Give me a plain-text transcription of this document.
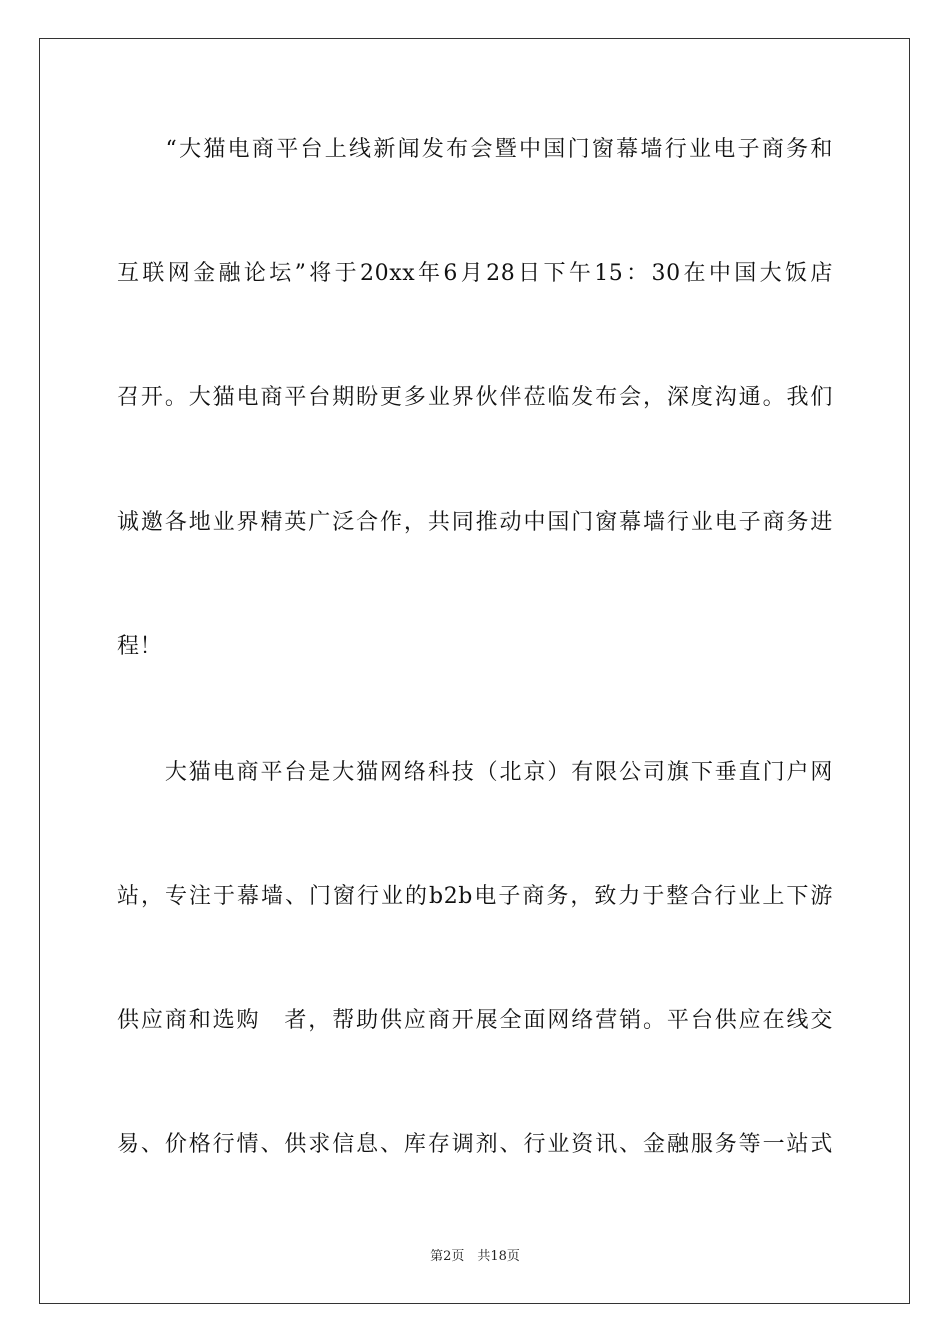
　　“大猫电商平台上线新闻发布会暨中国门窗幕墙行业电子商务和
互联网金融论坛”将于20xx年6月28日下午15：30在中国大饭店
召开。大猫电商平台期盼更多业界伙伴莅临发布会，深度沟通。我们
诚邀各地业界精英广泛合作，共同推动中国门窗幕墙行业电子商务进
程！
　　大猫电商平台是大猫网络科技（北京）有限公司旗下垂直门户网
站，专注于幕墙、门窗行业的b2b电子商务，致力于整合行业上下游
供应商和选购　者，帮助供应商开展全面网络营销。平台供应在线交
易、价格行情、供求信息、库存调剂、行业资讯、金融服务等一站式
第2页　共18页
